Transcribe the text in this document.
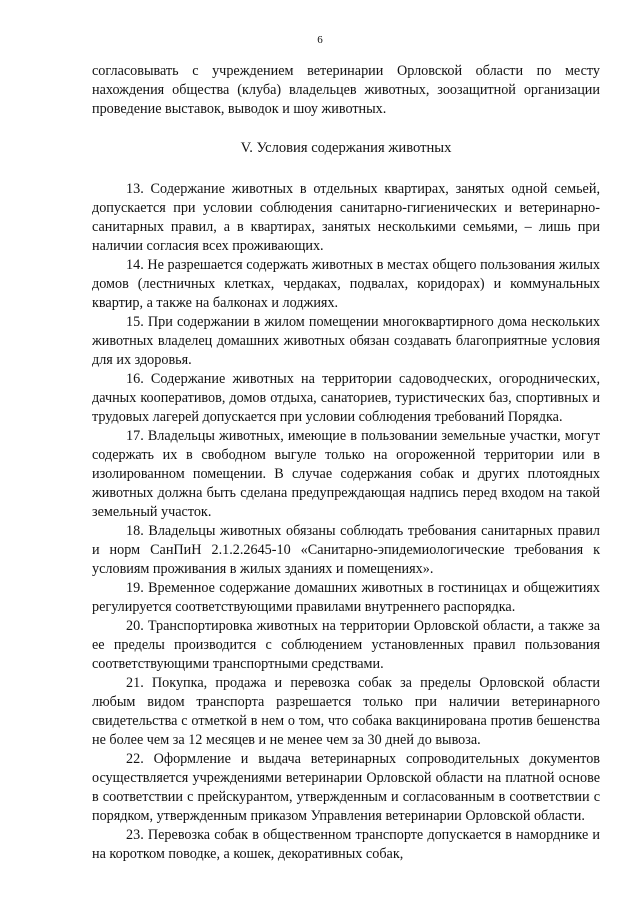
6

согласовывать с учреждением ветеринарии Орловской области по месту нахождения общества (клуба) владельцев животных, зоозащитной организации проведение выставок, выводок и шоу животных.

V. Условия содержания животных

13. Содержание животных в отдельных квартирах, занятых одной семьей, допускается при условии соблюдения санитарно-гигиенических и ветеринарно-санитарных правил, а в квартирах, занятых несколькими семьями, – лишь при наличии согласия всех проживающих.

14. Не разрешается содержать животных в местах общего пользования жилых домов (лестничных клетках, чердаках, подвалах, коридорах) и коммунальных квартир, а также на балконах и лоджиях.

15. При содержании в жилом помещении многоквартирного дома нескольких животных владелец домашних животных обязан создавать благоприятные условия для их здоровья.

16. Содержание животных на территории садоводческих, огороднических, дачных кооперативов, домов отдыха, санаториев, туристических баз, спортивных и трудовых лагерей допускается при условии соблюдения требований Порядка.

17. Владельцы животных, имеющие в пользовании земельные участки, могут содержать их в свободном выгуле только на огороженной территории или в изолированном помещении. В случае содержания собак и других плотоядных животных должна быть сделана предупреждающая надпись перед входом на такой земельный участок.

18. Владельцы животных обязаны соблюдать требования санитарных правил и норм СанПиН 2.1.2.2645-10 «Санитарно-эпидемиологические требования к условиям проживания в жилых зданиях и помещениях».

19. Временное содержание домашних животных в гостиницах и общежитиях регулируется соответствующими правилами внутреннего распорядка.

20. Транспортировка животных на территории Орловской области, а также за ее пределы производится с соблюдением установленных правил пользования соответствующими транспортными средствами.

21. Покупка, продажа и перевозка собак за пределы Орловской области любым видом транспорта разрешается только при наличии ветеринарного свидетельства с отметкой в нем о том, что собака вакцинирована против бешенства не более чем за 12 месяцев и не менее чем за 30 дней до вывоза.

22. Оформление и выдача ветеринарных сопроводительных документов осуществляется учреждениями ветеринарии Орловской области на платной основе в соответствии с прейскурантом, утвержденным и согласованным в соответствии с порядком, утвержденным приказом Управления ветеринарии Орловской области.

23. Перевозка собак в общественном транспорте допускается в наморднике и на коротком поводке, а кошек, декоративных собак,
